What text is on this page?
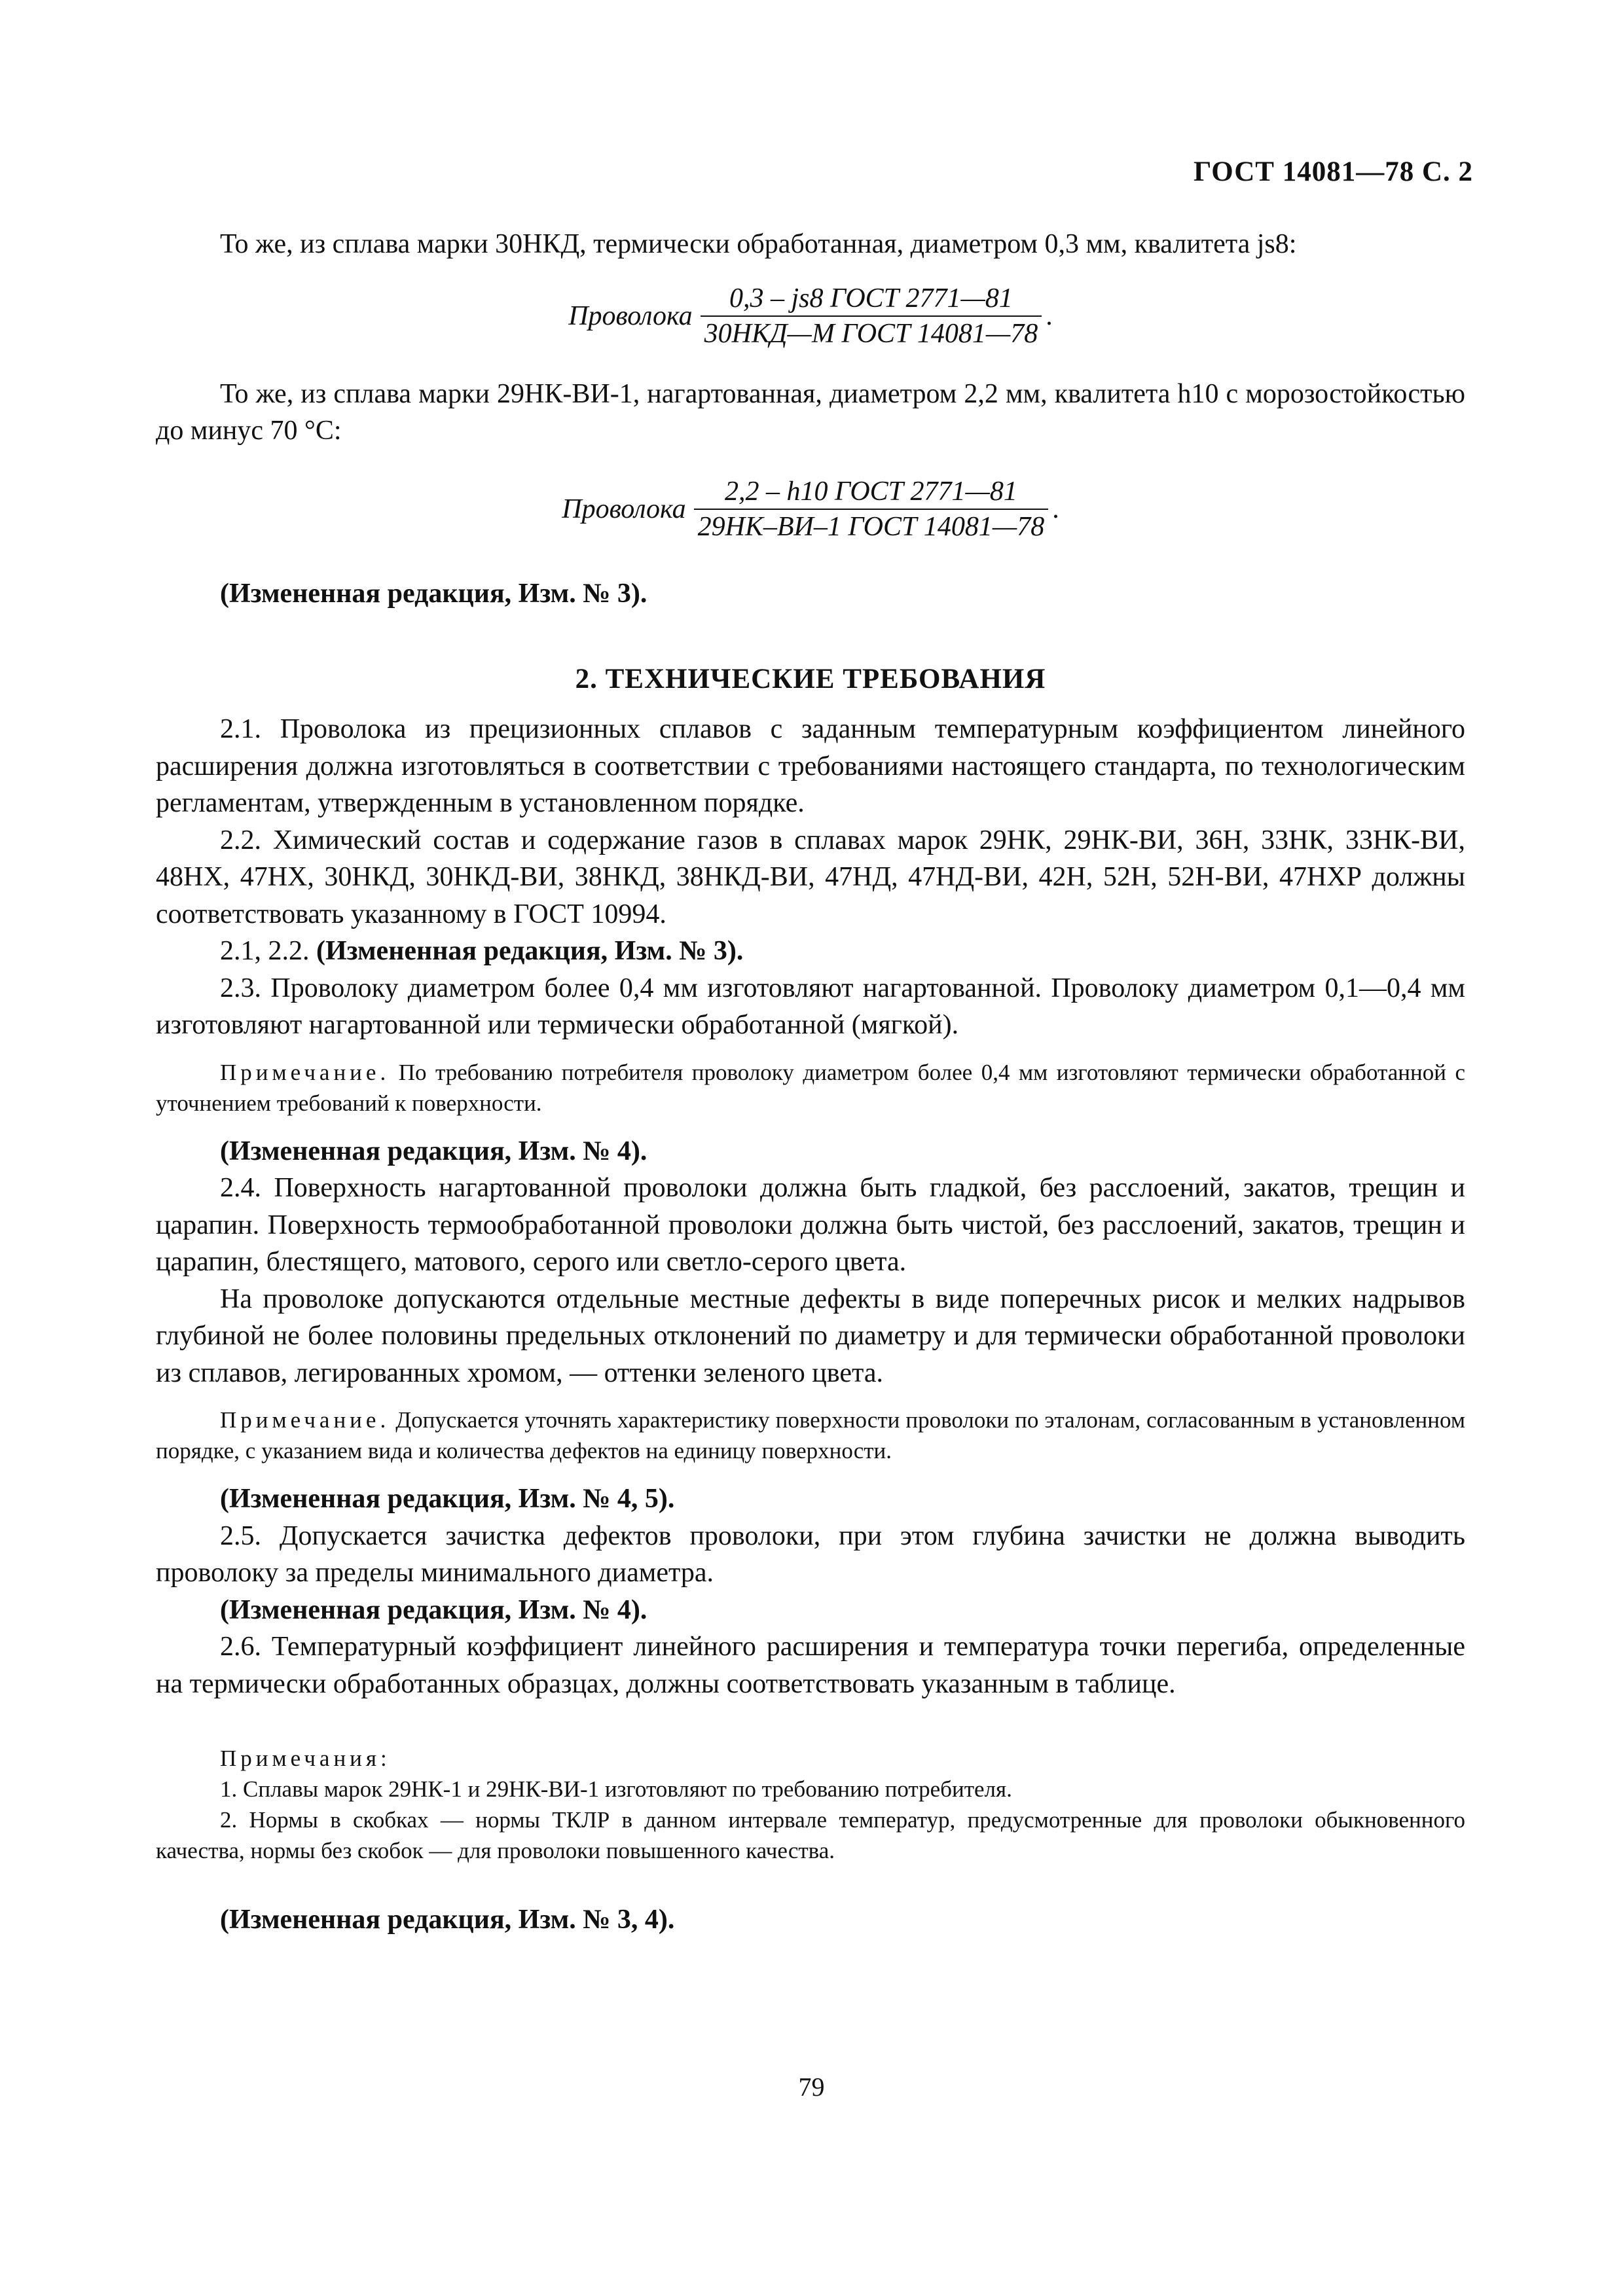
ГОСТ 14081—78 С. 2

То же, из сплава марки 30НКД, термически обработанная, диаметром 0,3 мм, квалитета js8:

Проволока $\frac{\text{0,3 – js8 ГОСТ 2771—81}}{\text{30НКД—М ГОСТ 14081—78}}$ .

То же, из сплава марки 29НК-ВИ-1, нагартованная, диаметром 2,2 мм, квалитета h10 с морозостойкостью до минус 70 °С:

Проволока $\frac{\text{2,2 – h10 ГОСТ 2771—81}}{\text{29НК–ВИ–1 ГОСТ 14081—78}}$ .

(Измененная редакция, Изм. № 3).

2. ТЕХНИЧЕСКИЕ ТРЕБОВАНИЯ

2.1. Проволока из прецизионных сплавов с заданным температурным коэффициентом линейного расширения должна изготовляться в соответствии с требованиями настоящего стандарта, по технологическим регламентам, утвержденным в установленном порядке.

2.2. Химический состав и содержание газов в сплавах марок 29НК, 29НК-ВИ, 36Н, 33НК, 33НК-ВИ, 48НХ, 47НХ, 30НКД, 30НКД-ВИ, 38НКД, 38НКД-ВИ, 47НД, 47НД-ВИ, 42Н, 52Н, 52Н-ВИ, 47НХР должны соответствовать указанному в ГОСТ 10994.

2.1, 2.2. (Измененная редакция, Изм. № 3).

2.3. Проволоку диаметром более 0,4 мм изготовляют нагартованной. Проволоку диаметром 0,1—0,4 мм изготовляют нагартованной или термически обработанной (мягкой).

Примечание. По требованию потребителя проволоку диаметром более 0,4 мм изготовляют термически обработанной с уточнением требований к поверхности.

(Измененная редакция, Изм. № 4).

2.4. Поверхность нагартованной проволоки должна быть гладкой, без расслоений, закатов, трещин и царапин. Поверхность термообработанной проволоки должна быть чистой, без расслоений, закатов, трещин и царапин, блестящего, матового, серого или светло-серого цвета.

На проволоке допускаются отдельные местные дефекты в виде поперечных рисок и мелких надрывов глубиной не более половины предельных отклонений по диаметру и для термически обработанной проволоки из сплавов, легированных хромом, — оттенки зеленого цвета.

Примечание. Допускается уточнять характеристику поверхности проволоки по эталонам, согласованным в установленном порядке, с указанием вида и количества дефектов на единицу поверхности.

(Измененная редакция, Изм. № 4, 5).

2.5. Допускается зачистка дефектов проволоки, при этом глубина зачистки не должна выводить проволоку за пределы минимального диаметра.

(Измененная редакция, Изм. № 4).

2.6. Температурный коэффициент линейного расширения и температура точки перегиба, определенные на термически обработанных образцах, должны соответствовать указанным в таблице.

Примечания:

1. Сплавы марок 29НК-1 и 29НК-ВИ-1 изготовляют по требованию потребителя.

2. Нормы в скобках — нормы ТКЛР в данном интервале температур, предусмотренные для проволоки обыкновенного качества, нормы без скобок — для проволоки повышенного качества.

(Измененная редакция, Изм. № 3, 4).

79
